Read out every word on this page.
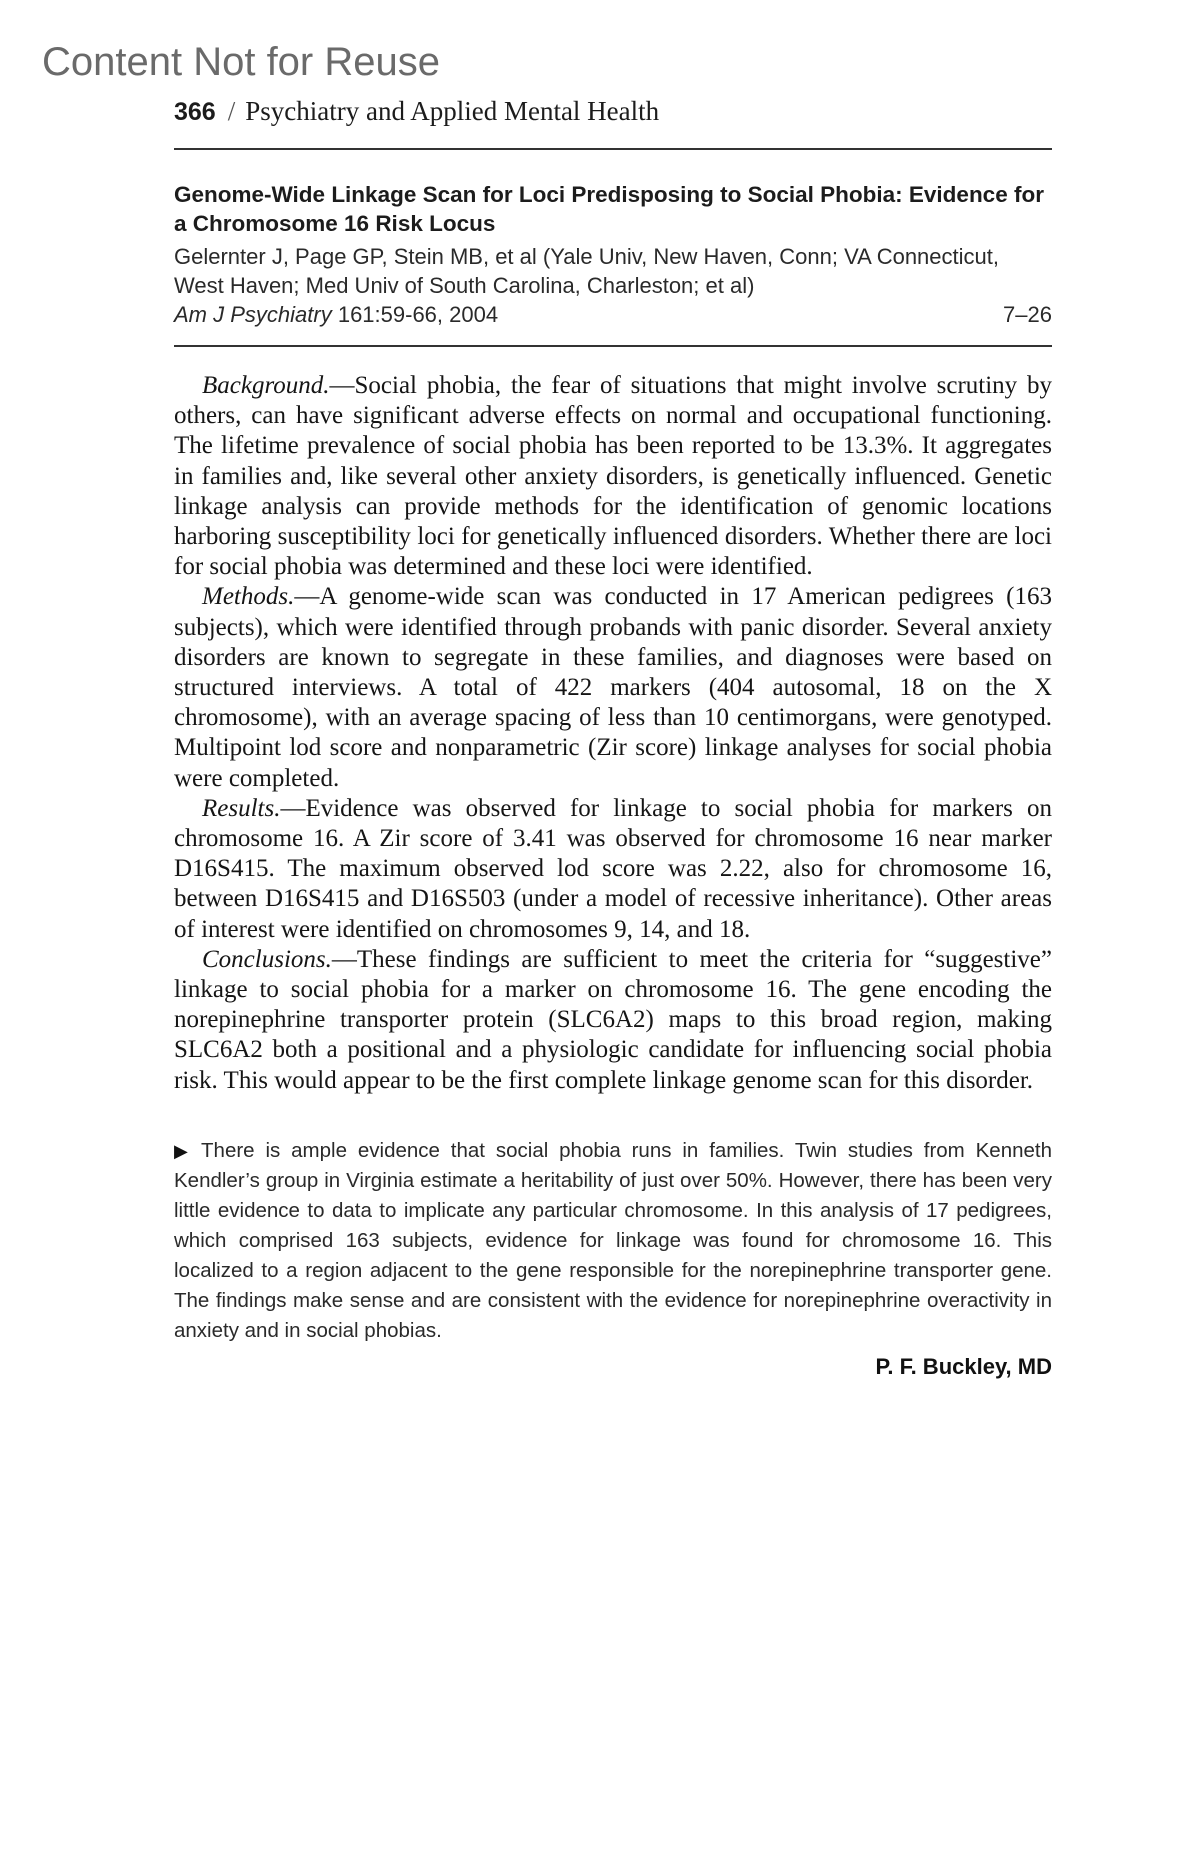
Content Not for Reuse
366 / Psychiatry and Applied Mental Health
Genome-Wide Linkage Scan for Loci Predisposing to Social Phobia: Evidence for a Chromosome 16 Risk Locus
Gelernter J, Page GP, Stein MB, et al (Yale Univ, New Haven, Conn; VA Connecticut, West Haven; Med Univ of South Carolina, Charleston; et al)
Am J Psychiatry 161:59-66, 2004	7–26

Background.—Social phobia, the fear of situations that might involve scrutiny by others, can have significant adverse effects on normal and occupational functioning. The lifetime prevalence of social phobia has been reported to be 13.3%. It aggregates in families and, like several other anxiety disorders, is genetically influenced. Genetic linkage analysis can provide methods for the identification of genomic locations harboring susceptibility loci for genetically influenced disorders. Whether there are loci for social phobia was determined and these loci were identified.

Methods.—A genome-wide scan was conducted in 17 American pedigrees (163 subjects), which were identified through probands with panic disorder. Several anxiety disorders are known to segregate in these families, and diagnoses were based on structured interviews. A total of 422 markers (404 autosomal, 18 on the X chromosome), with an average spacing of less than 10 centimorgans, were genotyped. Multipoint lod score and nonparametric (Zir score) linkage analyses for social phobia were completed.

Results.—Evidence was observed for linkage to social phobia for markers on chromosome 16. A Zir score of 3.41 was observed for chromosome 16 near marker D16S415. The maximum observed lod score was 2.22, also for chromosome 16, between D16S415 and D16S503 (under a model of recessive inheritance). Other areas of interest were identified on chromosomes 9, 14, and 18.

Conclusions.—These findings are sufficient to meet the criteria for “suggestive” linkage to social phobia for a marker on chromosome 16. The gene encoding the norepinephrine transporter protein (SLC6A2) maps to this broad region, making SLC6A2 both a positional and a physiologic candidate for influencing social phobia risk. This would appear to be the first complete linkage genome scan for this disorder.

▶ There is ample evidence that social phobia runs in families. Twin studies from Kenneth Kendler’s group in Virginia estimate a heritability of just over 50%. However, there has been very little evidence to data to implicate any particular chromosome. In this analysis of 17 pedigrees, which comprised 163 subjects, evidence for linkage was found for chromosome 16. This localized to a region adjacent to the gene responsible for the norepinephrine transporter gene. The findings make sense and are consistent with the evidence for norepinephrine overactivity in anxiety and in social phobias.
P. F. Buckley, MD
